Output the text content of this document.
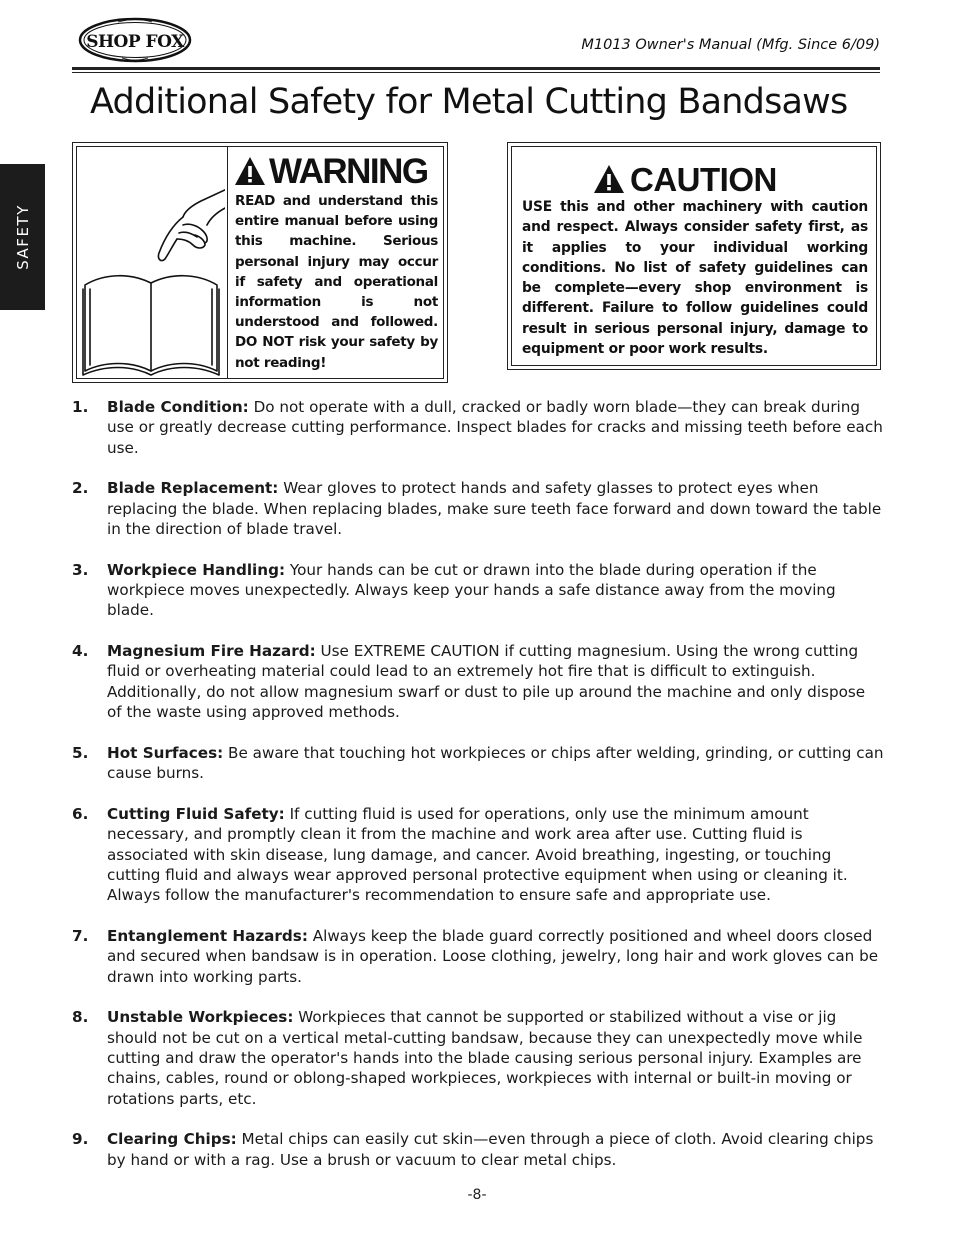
SHOP FOX	M1013 Owner's Manual (Mfg. Since 6/09)
Additional Safety for Metal Cutting Bandsaws
SAFETY
WARNING

READ and understand this entire manual before using this machine. Serious personal injury may occur if safety and operational information is not understood and followed. DO NOT risk your safety by not reading!

CAUTION

USE this and other machinery with caution and respect. Always consider safety first, as it applies to your individual working conditions. No list of safety guidelines can be complete—every shop environment is different. Failure to follow guidelines could result in serious personal injury, damage to equipment or poor work results.

1. Blade Condition: Do not operate with a dull, cracked or badly worn blade—they can break during use or greatly decrease cutting performance. Inspect blades for cracks and missing teeth before each use.
2. Blade Replacement: Wear gloves to protect hands and safety glasses to protect eyes when replacing the blade. When replacing blades, make sure teeth face forward and down toward the table in the direction of blade travel.
3. Workpiece Handling: Your hands can be cut or drawn into the blade during operation if the workpiece moves unexpectedly. Always keep your hands a safe distance away from the moving blade.
4. Magnesium Fire Hazard: Use EXTREME CAUTION if cutting magnesium. Using the wrong cutting fluid or overheating material could lead to an extremely hot fire that is difficult to extinguish. Additionally, do not allow magnesium swarf or dust to pile up around the machine and only dispose of the waste using approved methods.
5. Hot Surfaces: Be aware that touching hot workpieces or chips after welding, grinding, or cutting can cause burns.
6. Cutting Fluid Safety: If cutting fluid is used for operations, only use the minimum amount necessary, and promptly clean it from the machine and work area after use. Cutting fluid is associated with skin disease, lung damage, and cancer. Avoid breathing, ingesting, or touching cutting fluid and always wear approved personal protective equipment when using or cleaning it. Always follow the manufacturer's recommendation to ensure safe and appropriate use.
7. Entanglement Hazards: Always keep the blade guard correctly positioned and wheel doors closed and secured when bandsaw is in operation. Loose clothing, jewelry, long hair and work gloves can be drawn into working parts.
8. Unstable Workpieces: Workpieces that cannot be supported or stabilized without a vise or jig should not be cut on a vertical metal-cutting bandsaw, because they can unexpectedly move while cutting and draw the operator's hands into the blade causing serious personal injury. Examples are chains, cables, round or oblong-shaped workpieces, workpieces with internal or built-in moving or rotations parts, etc.
9. Clearing Chips: Metal chips can easily cut skin—even through a piece of cloth. Avoid clearing chips by hand or with a rag. Use a brush or vacuum to clear metal chips.
-8-
